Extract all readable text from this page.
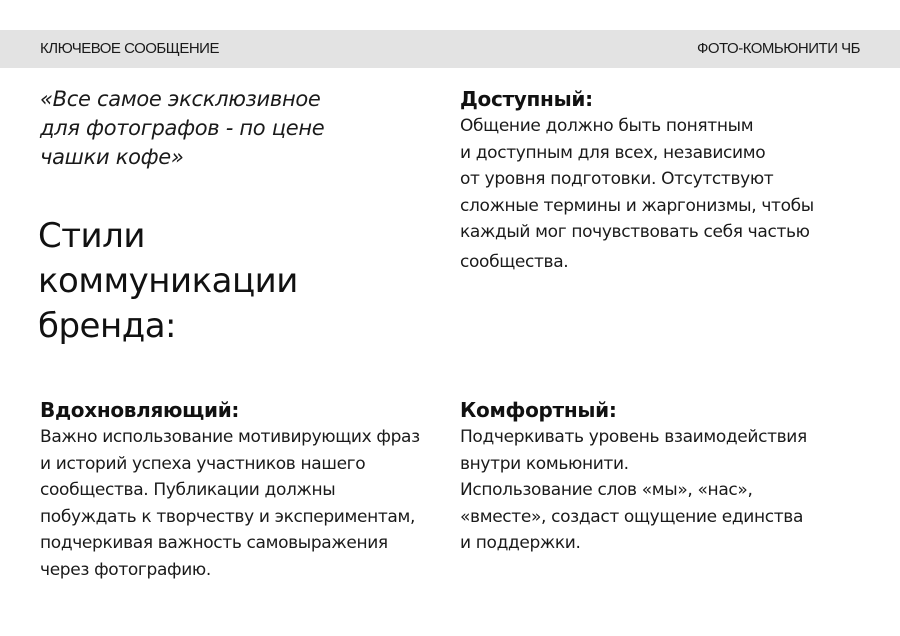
КЛЮЧЕВОЕ СООБЩЕНИЕ	ФОТО-КОМЬЮНИТИ ЧБ
«Все самое эксклюзивное
для фотографов - по цене
чашки кофе»
Стили
коммуникации
бренда:
Доступный:
Общение должно быть понятным
и доступным для всех, независимо
от уровня подготовки. Отсутствуют
сложные термины и жаргонизмы, чтобы
каждый мог почувствовать себя частью
сообщества.
Вдохновляющий:
Важно использование мотивирующих фраз
и историй успеха участников нашего
сообщества. Публикации должны
побуждать к творчеству и экспериментам,
подчеркивая важность самовыражения
через фотографию.
Комфортный:
Подчеркивать уровень взаимодействия
внутри комьюнити.
Использование слов «мы», «нас»,
«вместе», создаст ощущение единства
и поддержки.
